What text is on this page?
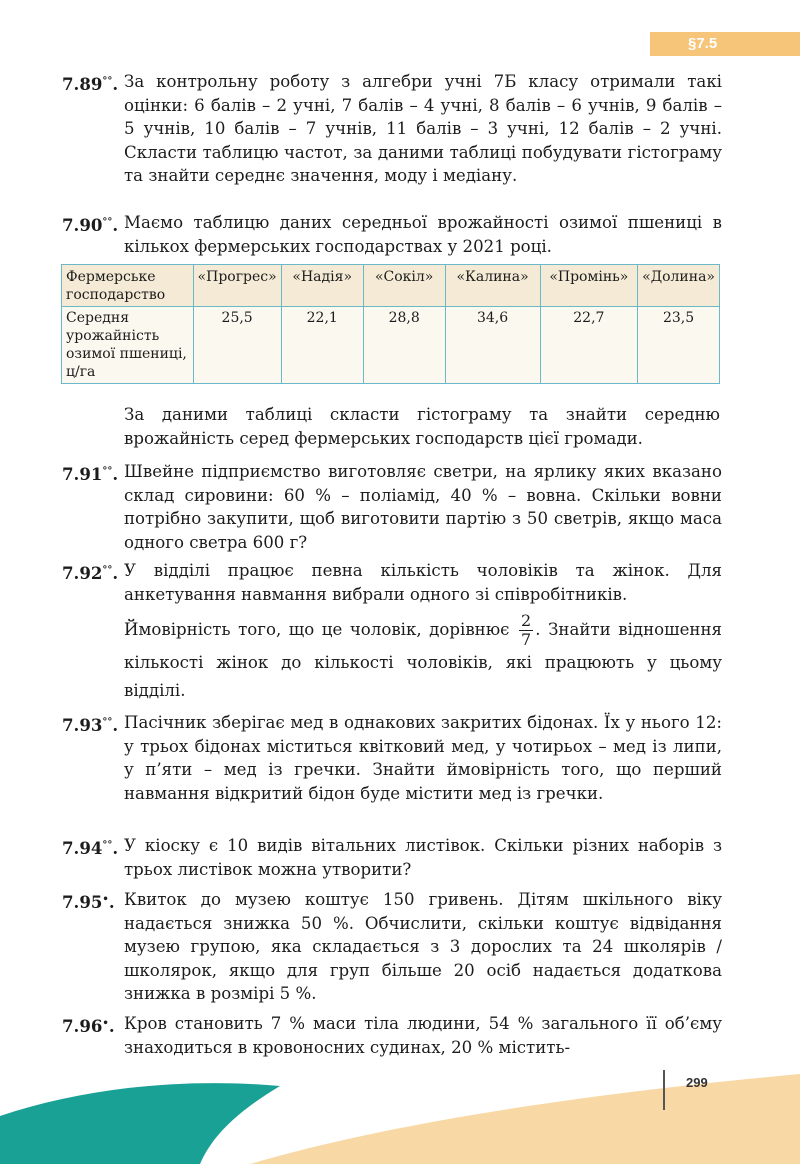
§7.5
7.89°°. За контрольну роботу з алгебри учні 7Б класу отримали такі оцінки: 6 балів – 2 учні, 7 балів – 4 учні, 8 балів – 6 учнів, 9 балів – 5 учнів, 10 балів – 7 учнів, 11 балів – 3 учні, 12 балів – 2 учні. Скласти таблицю частот, за даними таблиці побудувати гістограму та знайти середнє значення, моду і медіану.

7.90°°. Маємо таблицю даних середньої врожайності озимої пшениці в кількох фермерських господарствах у 2021 році.

Фермерське господарство	«Прогрес»	«Надія»	«Сокіл»	«Калина»	«Промінь»	«Долина»
Середня урожайність озимої пшениці, ц/га	25,5	22,1	28,8	34,6	22,7	23,5
За даними таблиці скласти гістограму та знайти середню врожайність серед фермерських господарств цієї громади.
7.91°°. Швейне підприємство виготовляє светри, на ярлику яких вказано склад сировини: 60 % – поліамід, 40 % – вовна. Скільки вовни потрібно закупити, щоб виготовити партію з 50 светрів, якщо маса одного светра 600 г?

7.92°°. У відділі працює певна кількість чоловіків та жінок. Для анкетування навмання вибрали одного зі співробітників.

Ймовірність того, що це чоловік, дорівнює $\frac{2}{7}$ . Знайти відношення кількості жінок до кількості чоловіків, які працюють у цьому відділі.

7.93°°. Пасічник зберігає мед в однакових закритих бідонах. Їх у нього 12: у трьох бідонах міститься квітковий мед, у чотирьох – мед із липи, у п’яти – мед із гречки. Знайти ймовірність того, що перший навмання відкритий бідон буде містити мед із гречки.

7.94°°. У кіоску є 10 видів вітальних листівок. Скільки різних наборів з трьох листівок можна утворити?

7.95•. Квиток до музею коштує 150 гривень. Дітям шкільного віку надається знижка 50 %. Обчислити, скільки коштує відвідання музею групою, яка складається з 3 дорослих та 24 школярів / школярок, якщо для груп більше 20 осіб надається додаткова знижка в розмірі 5 %.

7.96•. Кров становить 7 % маси тіла людини, 54 % загального її об’єму знаходиться в кровоносних судинах, 20 % містить-

299
